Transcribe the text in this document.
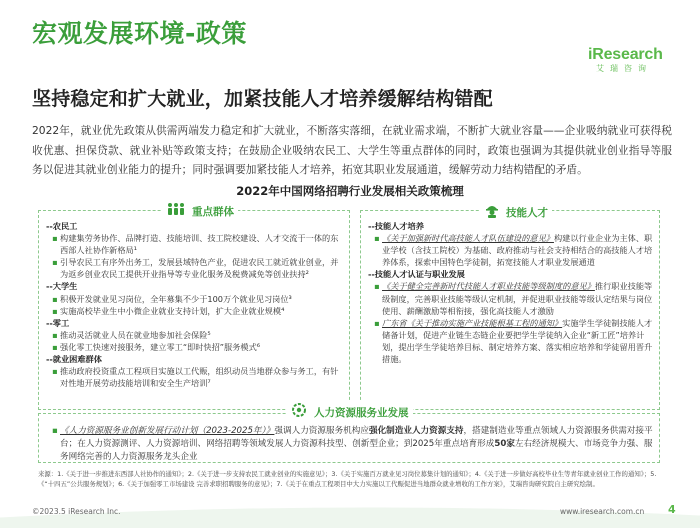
宏观发展环境-政策
iResearch
艾瑞咨询
坚持稳定和扩大就业，加紧技能人才培养缓解结构错配
2022年，就业优先政策从供需两端发力稳定和扩大就业，不断落实落细，在就业需求端，不断扩大就业容量——企业吸纳就业可获得税收优惠、担保贷款、就业补贴等政策支持；在鼓励企业吸纳农民工、大学生等重点群体的同时，政策也强调为其提供就业创业指导等服务以促进其就业创业能力的提升；同时强调要加紧技能人才培养，拓宽其职业发展通道，缓解劳动力结构错配的矛盾。
2022年中国网络招聘行业发展相关政策梳理
重点群体	技能人才
人力资源服务业发展
--农民工
▪ 构建集劳务协作、品牌打造、技能培训、技工院校建设、人才交流于一体的东西部人社协作新格局¹
▪ 引导农民工有序外出务工，发展县域特色产业，促进农民工就近就业创业，并为返乡创业农民工提供开业指导等专业化服务及税费减免等创业扶持²
--大学生
▪ 积极开发就业见习岗位，全年募集不少于100万个就业见习岗位³
▪ 实施高校毕业生中小微企业就业支持计划，扩大企业就业规模⁴
--零工
▪ 推动灵活就业人员在就业地参加社会保险⁵
▪ 强化零工快速对接服务，建立零工“即时快招”服务模式⁶
--就业困难群体
▪ 推动政府投资重点工程项目实施以工代赈，组织动员当地群众参与务工，有针对性地开展劳动技能培训和安全生产培训⁷
--技能人才培养
▪ 《关于加强新时代高技能人才队伍建设的意见》构建以行业企业为主体、职业学校（含技工院校）为基础、政府推动与社会支持相结合的高技能人才培养体系，探索中国特色学徒制，拓宽技能人才职业发展通道
--技能人才认证与职业发展
▪ 《关于健全完善新时代技能人才职业技能等级制度的意见》推行职业技能等级制度，完善职业技能等级认定机制，并促进职业技能等级认定结果与岗位使用、薪酬激励等相衔接，强化高技能人才激励
▪ 广东省《关于推动实施产业技能根基工程的通知》实施学生学徒制技能人才储备计划，促进产业链生态链企业要把学生学徒纳入企业“新工匠”培养计划，提出学生学徒培养目标、制定培养方案、落实相应培养和学徒留用晋升措施。
▪ 《人力资源服务业创新发展行动计划（2023-2025年）》强调人力资源服务机构应强化制造业人力资源支持，搭建制造业等重点领域人力资源服务供需对接平台；在人力资源测评、人力资源培训、网络招聘等领域发展人力资源科技型、创新型企业；到2025年重点培育形成50家左右经济规模大、市场竞争力强、服务网络完善的人力资源服务龙头企业
来源：1.《关于进一步推进东西部人社协作的通知》；2.《关于进一步支持农民工就业创业的实施意见》；3.《关于实施百万就业见习岗位募集计划的通知》；4.《关于进一步做好高校毕业生等青年就业创业工作的通知》；5.《“十四五”公共服务规划》；6.《关于加强零工市场建设 完善求职招聘服务的意见》；7.《关于在重点工程项目中大力实施以工代赈促进当地群众就业增收的工作方案》，艾瑞咨询研究院自主研究绘制。
©2023.5 iResearch Inc.	www.iresearch.com.cn 4
